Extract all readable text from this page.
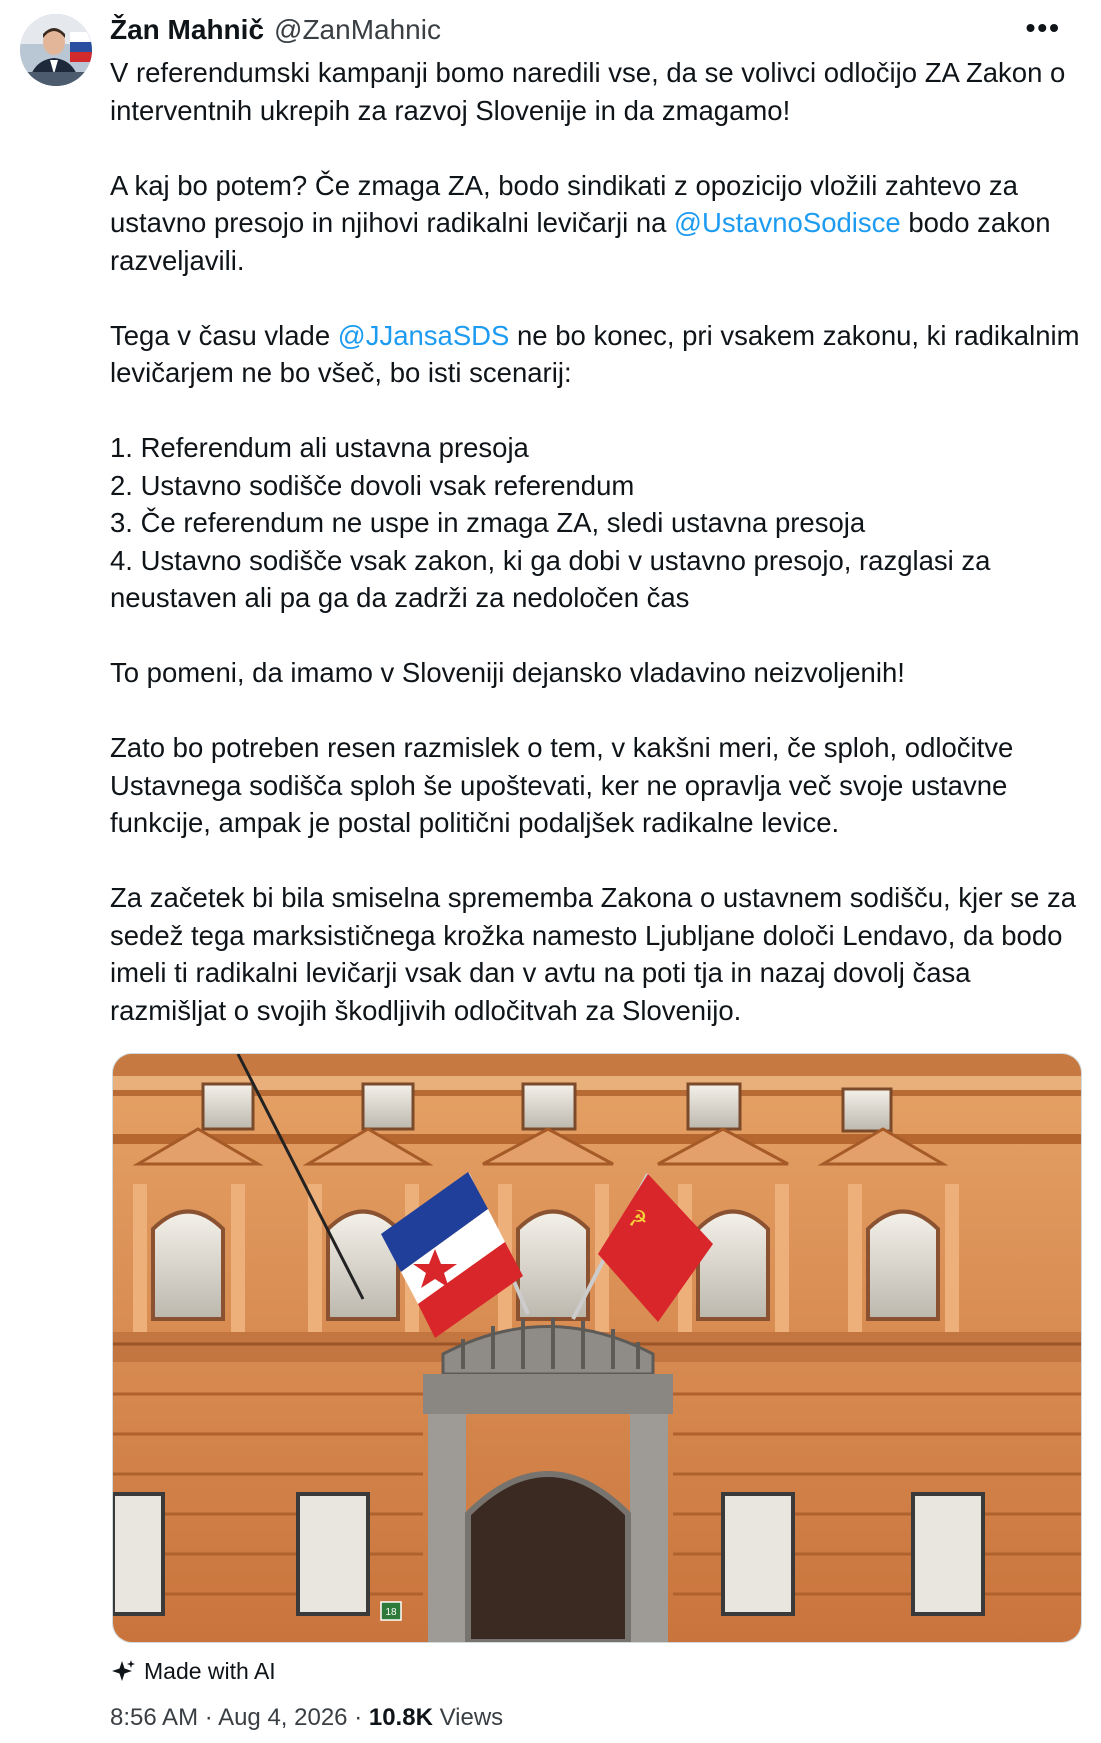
Žan Mahnič @ZanMahnic	•••

V referendumski kampanji bomo naredili vse, da se volivci odločijo ZA Zakon o interventnih ukrepih za razvoj Slovenije in da zmagamo!

A kaj bo potem? Če zmaga ZA, bodo sindikati z opozicijo vložili zahtevo za ustavno presojo in njihovi radikalni levičarji na @UstavnoSodisce bodo zakon razveljavili.

Tega v času vlade @JJansaSDS ne bo konec, pri vsakem zakonu, ki radikalnim levičarjem ne bo všeč, bo isti scenarij:

1. Referendum ali ustavna presoja
2. Ustavno sodišče dovoli vsak referendum
3. Če referendum ne uspe in zmaga ZA, sledi ustavna presoja
4. Ustavno sodišče vsak zakon, ki ga dobi v ustavno presojo, razglasi za neustaven ali pa ga da zadrži za nedoločen čas

To pomeni, da imamo v Sloveniji dejansko vladavino neizvoljenih!

Zato bo potreben resen razmislek o tem, v kakšni meri, če sploh, odločitve Ustavnega sodišča sploh še upoštevati, ker ne opravlja več svoje ustavne funkcije, ampak je postal politični podaljšek radikalne levice.

Za začetek bi bila smiselna sprememba Zakona o ustavnem sodišču, kjer se za sedež tega marksističnega krožka namesto Ljubljane določi Lendavo, da bodo imeli ti radikalni levičarji vsak dan v avtu na poti tja in nazaj dovolj časa razmišljat o svojih škodljivih odločitvah za Slovenijo.

18
☭
Made with AI
8:56 AM · Aug 4, 2026 · 10.8K Views
